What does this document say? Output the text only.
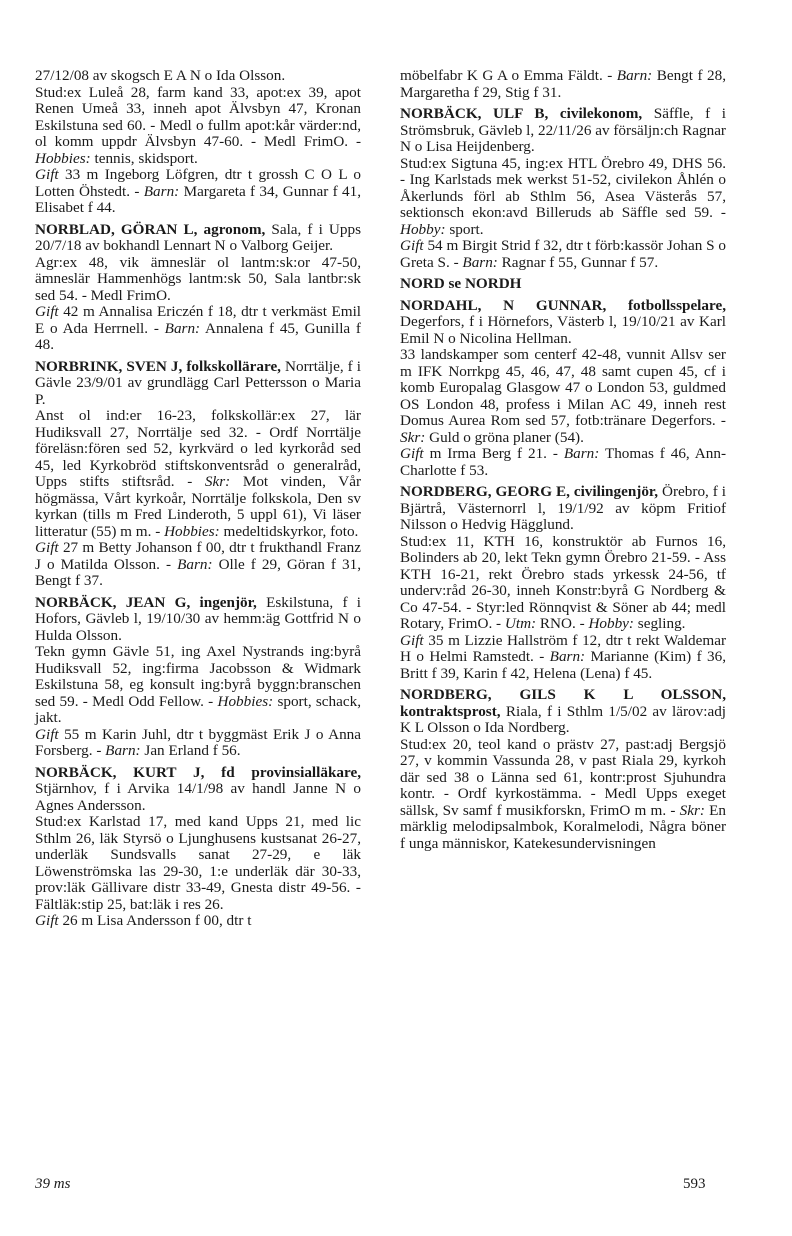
27/12/08 av skogsch E A N o Ida Olsson.

Stud:ex Luleå 28, farm kand 33, apot:ex 39, apot Renen Umeå 33, inneh apot Älvsbyn 47, Kronan Eskilstuna sed 60. - Medl o fullm apot:kår värder:nd, ol komm uppdr Älvsbyn 47-60. - Medl FrimO. - Hobbies: tennis, skidsport.

Gift 33 m Ingeborg Löfgren, dtr t grossh C O L o Lotten Öhstedt. - Barn: Margareta f 34, Gunnar f 41, Elisabet f 44.

NORBLAD, GÖRAN L, agronom, Sala, f i Upps 20/7/18 av bokhandl Lennart N o Valborg Geijer.

Agr:ex 48, vik ämneslär ol lantm:sk:or 47-50, ämneslär Hammenhögs lantm:sk 50, Sala lantbr:sk sed 54. - Medl FrimO.

Gift 42 m Annalisa Ericzén f 18, dtr t verkmäst Emil E o Ada Herrnell. - Barn: Annalena f 45, Gunilla f 48.

NORBRINK, SVEN J, folkskollärare, Norrtälje, f i Gävle 23/9/01 av grundlägg Carl Pettersson o Maria P.

Anst ol ind:er 16-23, folkskollär:ex 27, lär Hudiksvall 27, Norrtälje sed 32. - Ordf Norrtälje föreläsn:fören sed 52, kyrkvärd o led kyrkoråd sed 45, led Kyrkobröd stiftskonventsråd o generalråd, Upps stifts stiftsråd. - Skr: Mot vinden, Vår högmässa, Vårt kyrkoår, Norrtälje folkskola, Den sv kyrkan (tills m Fred Linderoth, 5 uppl 61), Vi läser litteratur (55) m m. - Hobbies: medeltidskyrkor, foto.

Gift 27 m Betty Johanson f 00, dtr t frukthandl Franz J o Matilda Olsson. - Barn: Olle f 29, Göran f 31, Bengt f 37.

NORBÄCK, JEAN G, ingenjör, Eskilstuna, f i Hofors, Gävleb l, 19/10/30 av hemm:äg Gottfrid N o Hulda Olsson.

Tekn gymn Gävle 51, ing Axel Nystrands ing:byrå Hudiksvall 52, ing:firma Jacobsson & Widmark Eskilstuna 58, eg konsult ing:byrå byggn:branschen sed 59. - Medl Odd Fellow. - Hobbies: sport, schack, jakt.

Gift 55 m Karin Juhl, dtr t byggmäst Erik J o Anna Forsberg. - Barn: Jan Erland f 56.

NORBÄCK, KURT J, fd provinsialläkare, Stjärnhov, f i Arvika 14/1/98 av handl Janne N o Agnes Andersson.

Stud:ex Karlstad 17, med kand Upps 21, med lic Sthlm 26, läk Styrsö o Ljunghusens kustsanat 26-27, underläk Sundsvalls sanat 27-29, e läk Löwenströmska las 29-30, 1:e underläk där 30-33, prov:läk Gällivare distr 33-49, Gnesta distr 49-56. - Fältläk:stip 25, bat:läk i res 26.

Gift 26 m Lisa Andersson f 00, dtr t

möbelfabr K G A o Emma Fäldt. - Barn: Bengt f 28, Margaretha f 29, Stig f 31.

NORBÄCK, ULF B, civilekonom, Säffle, f i Strömsbruk, Gävleb l, 22/11/26 av försäljn:ch Ragnar N o Lisa Heijdenberg.

Stud:ex Sigtuna 45, ing:ex HTL Örebro 49, DHS 56. - Ing Karlstads mek werkst 51-52, civilekon Åhlén o Åkerlunds förl ab Sthlm 56, Asea Västerås 57, sektionsch ekon:avd Billeruds ab Säffle sed 59. - Hobby: sport.

Gift 54 m Birgit Strid f 32, dtr t förb:kassör Johan S o Greta S. - Barn: Ragnar f 55, Gunnar f 57.

NORD se NORDH

NORDAHL, N GUNNAR, fotbollsspelare, Degerfors, f i Hörnefors, Västerb l, 19/10/21 av Karl Emil N o Nicolina Hellman.

33 landskamper som centerf 42-48, vunnit Allsv ser m IFK Norrkpg 45, 46, 47, 48 samt cupen 45, cf i komb Europalag Glasgow 47 o London 53, guldmed OS London 48, profess i Milan AC 49, inneh rest Domus Aurea Rom sed 57, fotb:tränare Degerfors. - Skr: Guld o gröna planer (54).

Gift m Irma Berg f 21. - Barn: Thomas f 46, Ann-Charlotte f 53.

NORDBERG, GEORG E, civilingenjör, Örebro, f i Bjärtrå, Västernorrl l, 19/1/92 av köpm Fritiof Nilsson o Hedvig Hägglund.

Stud:ex 11, KTH 16, konstruktör ab Furnos 16, Bolinders ab 20, lekt Tekn gymn Örebro 21-59. - Ass KTH 16-21, rekt Örebro stads yrkessk 24-56, tf underv:råd 26-30, inneh Konstr:byrå G Nordberg & Co 47-54. - Styr:led Rönnqvist & Söner ab 44; medl Rotary, FrimO. - Utm: RNO. - Hobby: segling.

Gift 35 m Lizzie Hallström f 12, dtr t rekt Waldemar H o Helmi Ramstedt. - Barn: Marianne (Kim) f 36, Britt f 39, Karin f 42, Helena (Lena) f 45.

NORDBERG, GILS K L OLSSON, kontraktsprost, Riala, f i Sthlm 1/5/02 av lärov:adj K L Olsson o Ida Nordberg.

Stud:ex 20, teol kand o prästv 27, past:adj Bergsjö 27, v kommin Vassunda 28, v past Riala 29, kyrkoh där sed 38 o Länna sed 61, kontr:prost Sjuhundra kontr. - Ordf kyrkostämma. - Medl Upps exeget sällsk, Sv samf f musikforskn, FrimO m m. - Skr: En märklig melodipsalmbok, Koralmelodi, Några böner f unga människor, Katekesundervisningen

39 ms	593
